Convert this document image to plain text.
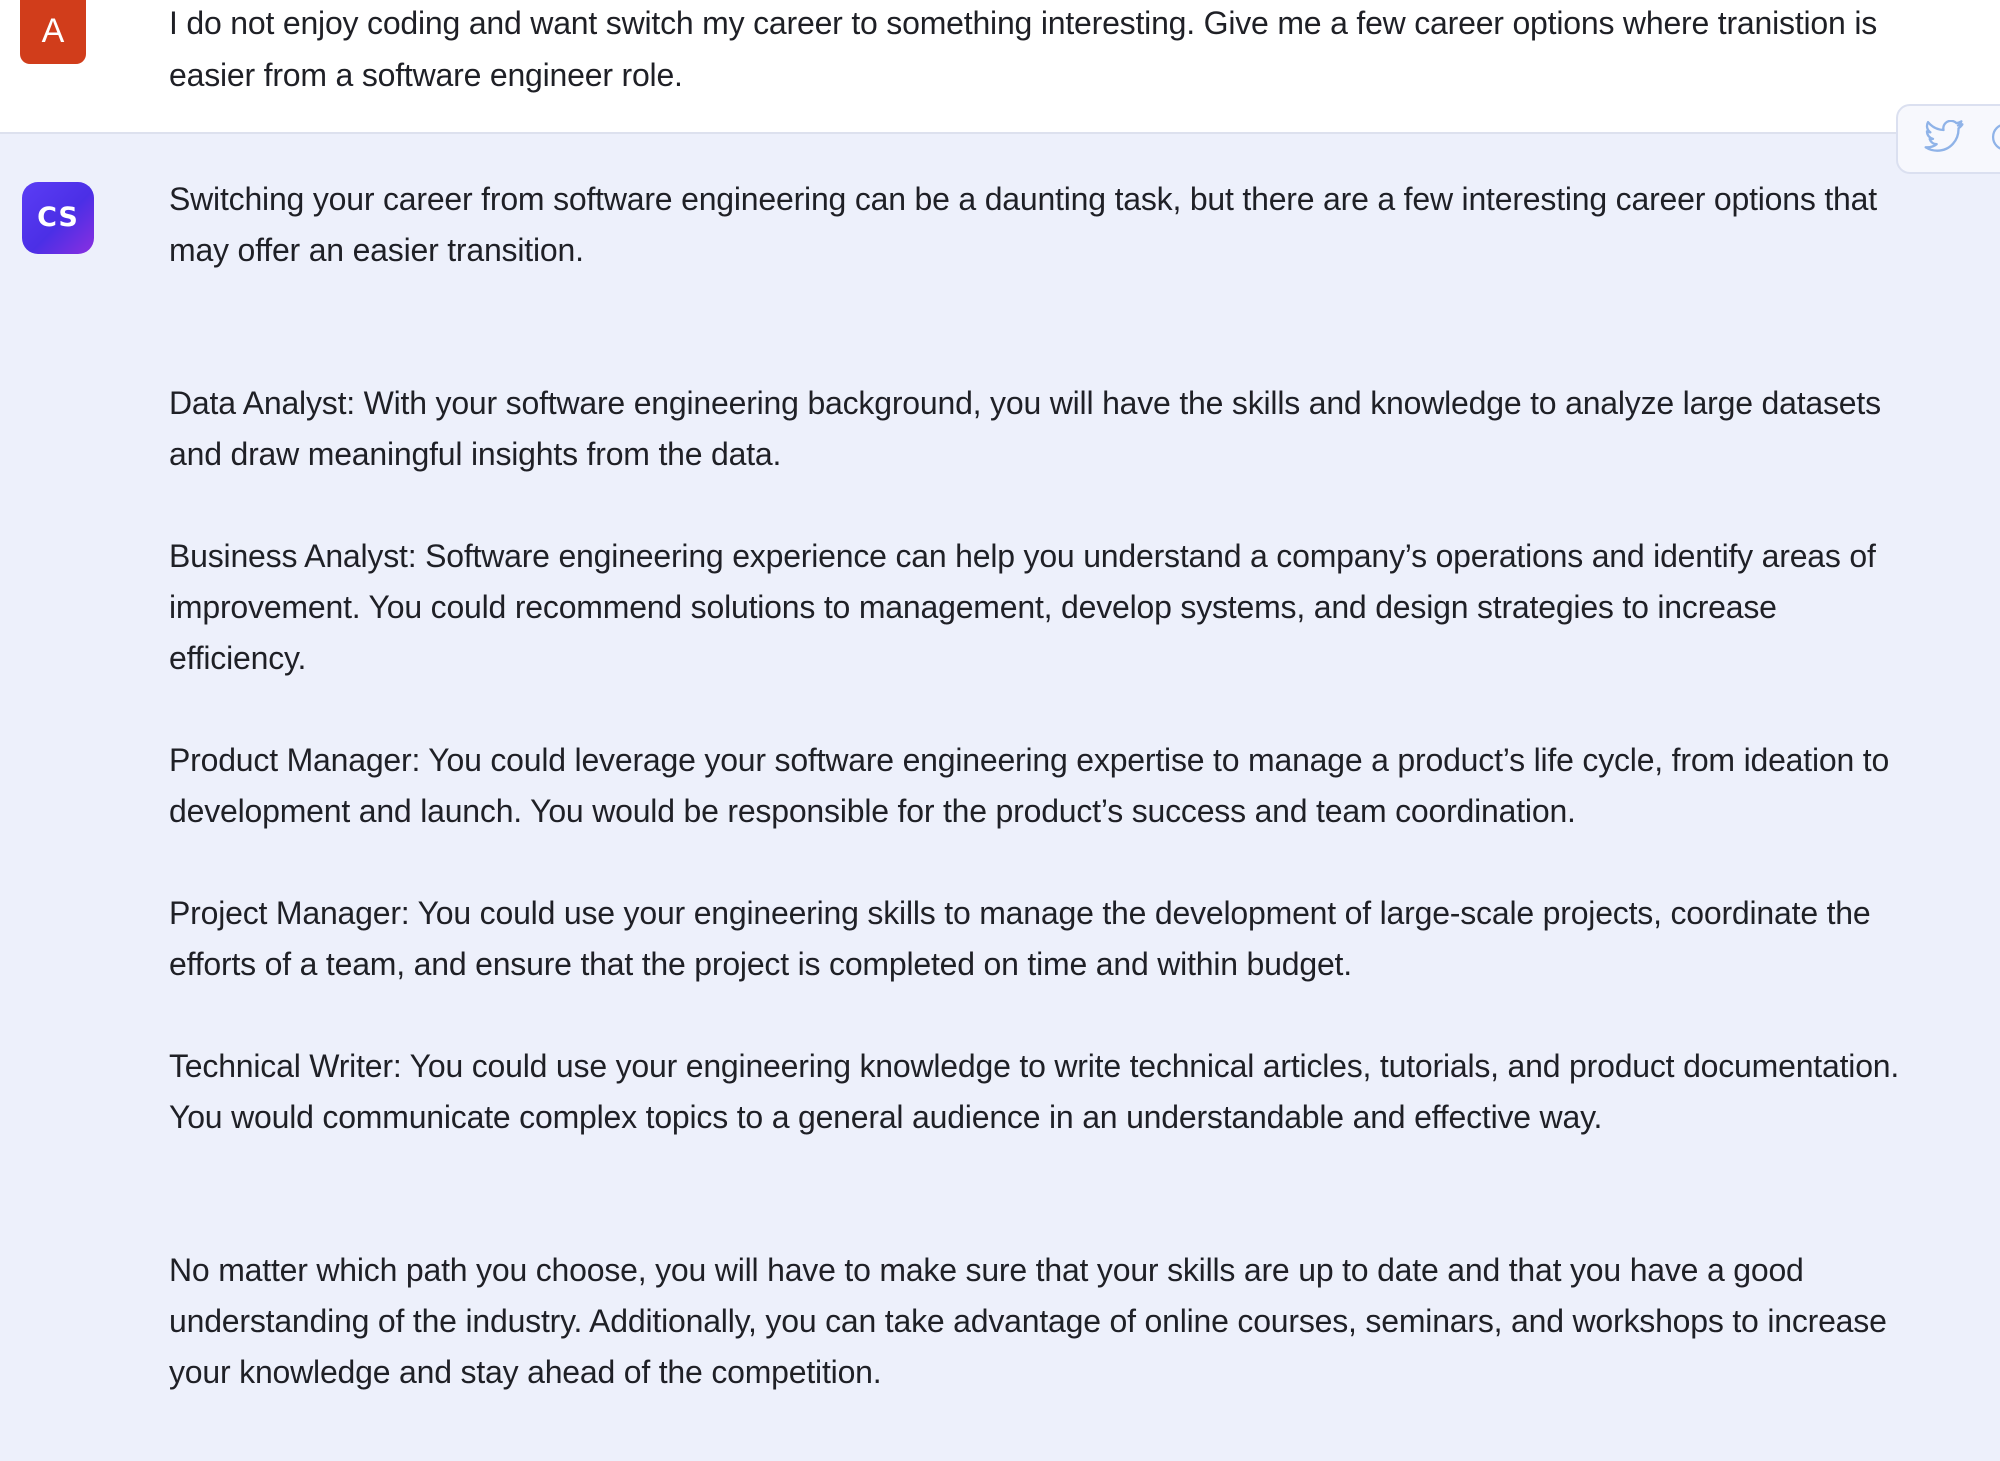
A	I do not enjoy coding and want switch my career to something interesting. Give me a few career options where tranistion is easier from a software engineer role.
CS

Switching your career from software engineering can be a daunting task, but there are a few interesting career options that may offer an easier transition.

Data Analyst: With your software engineering background, you will have the skills and knowledge to analyze large datasets and draw meaningful insights from the data.

Business Analyst: Software engineering experience can help you understand a company’s operations and identify areas of improvement. You could recommend solutions to management, develop systems, and design strategies to increase efficiency.

Product Manager: You could leverage your software engineering expertise to manage a product’s life cycle, from ideation to development and launch. You would be responsible for the product’s success and team coordination.

Project Manager: You could use your engineering skills to manage the development of large-scale projects, coordinate the efforts of a team, and ensure that the project is completed on time and within budget.

Technical Writer: You could use your engineering knowledge to write technical articles, tutorials, and product documentation. You would communicate complex topics to a general audience in an understandable and effective way.

No matter which path you choose, you will have to make sure that your skills are up to date and that you have a good understanding of the industry. Additionally, you can take advantage of online courses, seminars, and workshops to increase your knowledge and stay ahead of the competition.
